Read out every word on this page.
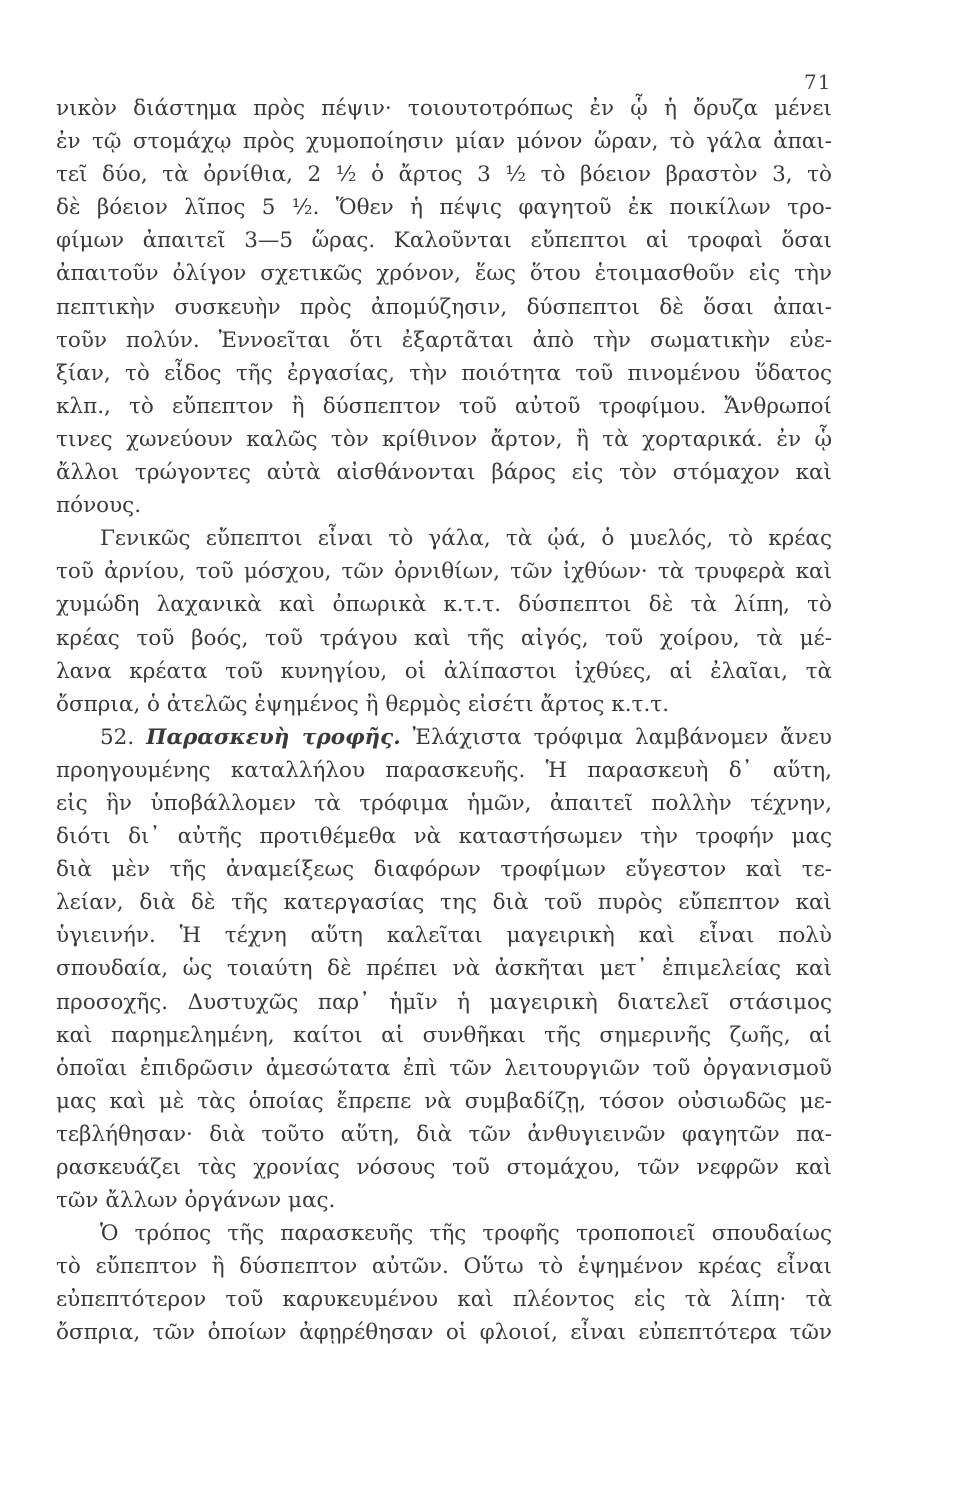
71
νικὸν διάστημα πρὸς πέψιν· τοιουτοτρόπως ἐν ᾧ ἡ ὄρυζα μένει
ἐν τῷ στομάχῳ πρὸς χυμοποίησιν μίαν μόνον ὥραν, τὸ γάλα ἀπαι-
τεῖ δύο, τὰ ὀρνίθια, 2 ½ ὁ ἄρτος 3 ½ τὸ βόειον βραστὸν 3, τὸ
δὲ βόειον λῖπος 5 ½. Ὅθεν ἡ πέψις φαγητοῦ ἐκ ποικίλων τρο-
φίμων ἀπαιτεῖ 3—5 ὥρας. Καλοῦνται εὔπεπτοι αἱ τροφαὶ ὅσαι
ἀπαιτοῦν ὀλίγον σχετικῶς χρόνον, ἕως ὅτου ἑτοιμασθοῦν εἰς τὴν
πεπτικὴν συσκευὴν πρὸς ἀπομύζησιν, δύσπεπτοι δὲ ὅσαι ἀπαι-
τοῦν πολύν. Ἐννοεῖται ὅτι ἐξαρτᾶται ἀπὸ τὴν σωματικὴν εὐε-
ξίαν, τὸ εἶδος τῆς ἐργασίας, τὴν ποιότητα τοῦ πινομένου ὕδατος
κλπ., τὸ εὔπεπτον ἢ δύσπεπτον τοῦ αὐτοῦ τροφίμου. Ἄνθρωποί
τινες χωνεύουν καλῶς τὸν κρίθινον ἄρτον, ἢ τὰ χορταρικά. ἐν ᾧ
ἄλλοι τρώγοντες αὐτὰ αἰσθάνονται βάρος εἰς τὸν στόμαχον καὶ
πόνους.
Γενικῶς εὔπεπτοι εἶναι τὸ γάλα, τὰ ᾠά, ὁ μυελός, τὸ κρέας
τοῦ ἀρνίου, τοῦ μόσχου, τῶν ὀρνιθίων, τῶν ἰχθύων· τὰ τρυφερὰ καὶ
χυμώδη λαχανικὰ καὶ ὀπωρικὰ κ.τ.τ. δύσπεπτοι δὲ τὰ λίπη, τὸ
κρέας τοῦ βοός, τοῦ τράγου καὶ τῆς αἰγός, τοῦ χοίρου, τὰ μέ-
λανα κρέατα τοῦ κυνηγίου, οἱ ἀλίπαστοι ἰχθύες, αἱ ἐλαῖαι, τὰ
ὄσπρια, ὁ ἀτελῶς ἑψημένος ἢ θερμὸς εἰσέτι ἄρτος κ.τ.τ.
52. Παρασκευὴ τροφῆς. Ἐλάχιστα τρόφιμα λαμβάνομεν ἄνευ
προηγουμένης καταλλήλου παρασκευῆς. Ἡ παρασκευὴ δ᾽ αὕτη,
εἰς ἣν ὑποβάλλομεν τὰ τρόφιμα ἡμῶν, ἀπαιτεῖ πολλὴν τέχνην,
διότι δι᾽ αὐτῆς προτιθέμεθα νὰ καταστήσωμεν τὴν τροφήν μας
διὰ μὲν τῆς ἀναμείξεως διαφόρων τροφίμων εὔγεστον καὶ τε-
λείαν, διὰ δὲ τῆς κατεργασίας της διὰ τοῦ πυρὸς εὔπεπτον καὶ
ὑγιεινήν. Ἡ τέχνη αὕτη καλεῖται μαγειρικὴ καὶ εἶναι πολὺ
σπουδαία, ὡς τοιαύτη δὲ πρέπει νὰ ἀσκῆται μετ᾽ ἐπιμελείας καὶ
προσοχῆς. Δυστυχῶς παρ᾽ ἡμῖν ἡ μαγειρικὴ διατελεῖ στάσιμος
καὶ παρημελημένη, καίτοι αἱ συνθῆκαι τῆς σημερινῆς ζωῆς, αἱ
ὁποῖαι ἐπιδρῶσιν ἀμεσώτατα ἐπὶ τῶν λειτουργιῶν τοῦ ὀργανισμοῦ
μας καὶ μὲ τὰς ὁποίας ἔπρεπε νὰ συμβαδίζῃ, τόσον οὐσιωδῶς με-
τεβλήθησαν· διὰ τοῦτο αὕτη, διὰ τῶν ἀνθυγιεινῶν φαγητῶν πα-
ρασκευάζει τὰς χρονίας νόσους τοῦ στομάχου, τῶν νεφρῶν καὶ
τῶν ἄλλων ὀργάνων μας.
Ὁ τρόπος τῆς παρασκευῆς τῆς τροφῆς τροποποιεῖ σπουδαίως
τὸ εὔπεπτον ἢ δύσπεπτον αὐτῶν. Οὕτω τὸ ἑψημένον κρέας εἶναι
εὐπεπτότερον τοῦ καρυκευμένου καὶ πλέοντος εἰς τὰ λίπη· τὰ
ὄσπρια, τῶν ὁποίων ἀφῃρέθησαν οἱ φλοιοί, εἶναι εὐπεπτότερα τῶν
